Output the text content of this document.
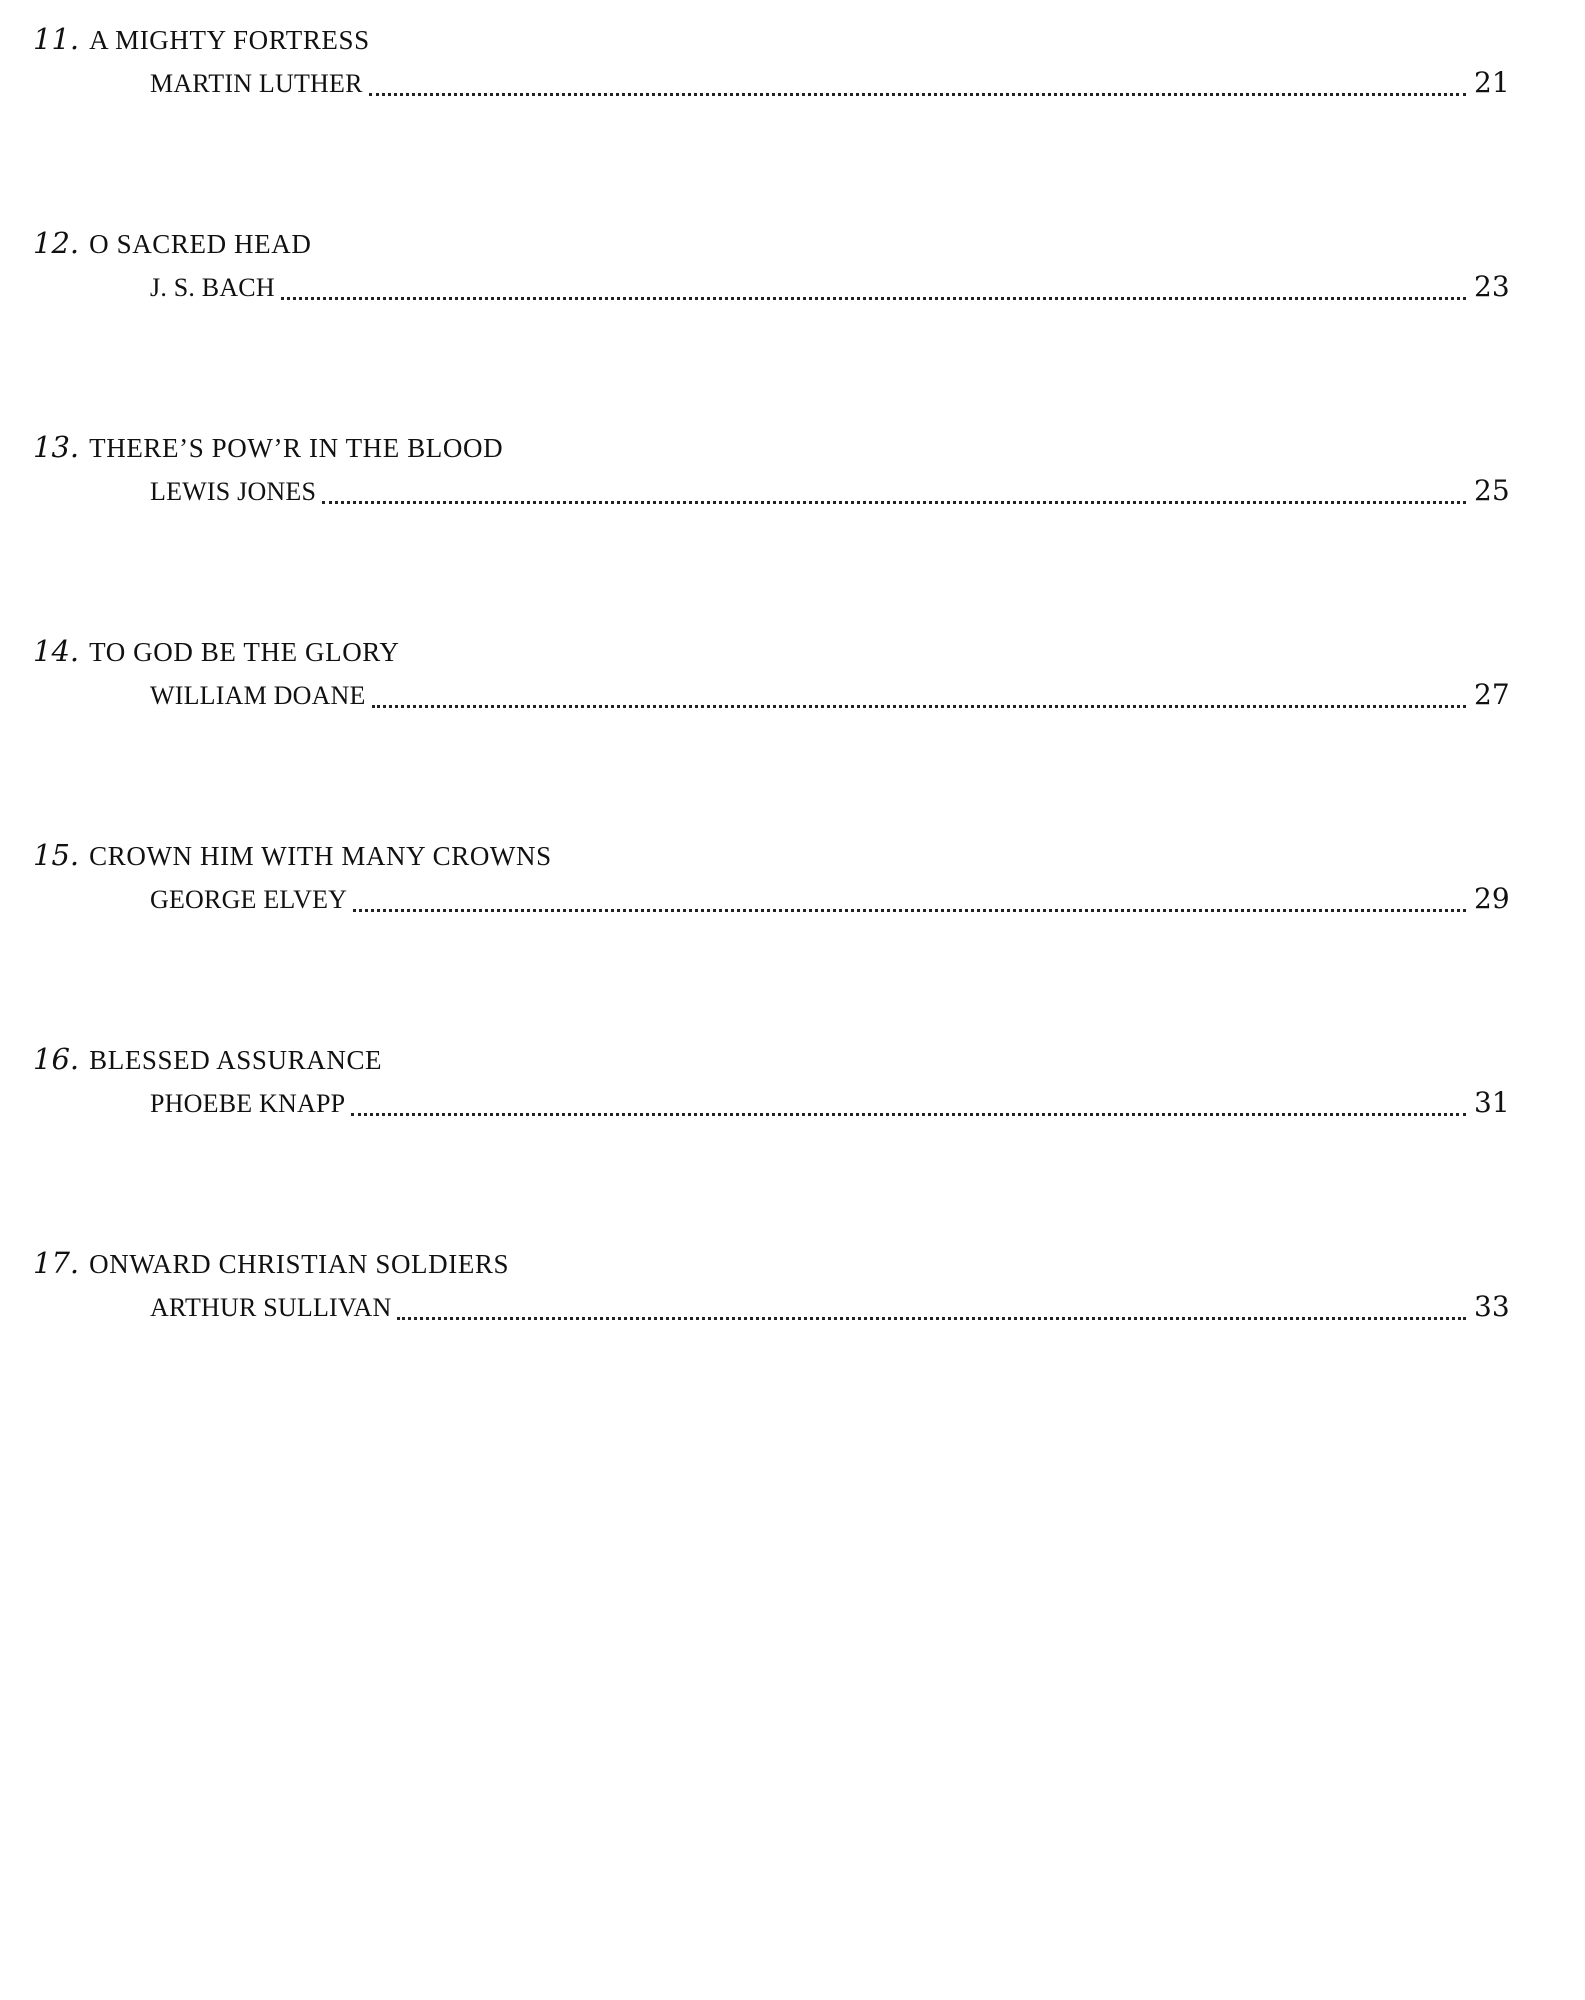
11. A MIGHTY FORTRESS
MARTIN LUTHER	21
12. O SACRED HEAD
J. S. BACH	23
13. THERE’S POW’R IN THE BLOOD
LEWIS JONES	25
14. TO GOD BE THE GLORY
WILLIAM DOANE	27
15. CROWN HIM WITH MANY CROWNS
GEORGE ELVEY	29
16. BLESSED ASSURANCE
PHOEBE KNAPP	31
17. ONWARD CHRISTIAN SOLDIERS
ARTHUR SULLIVAN	33
